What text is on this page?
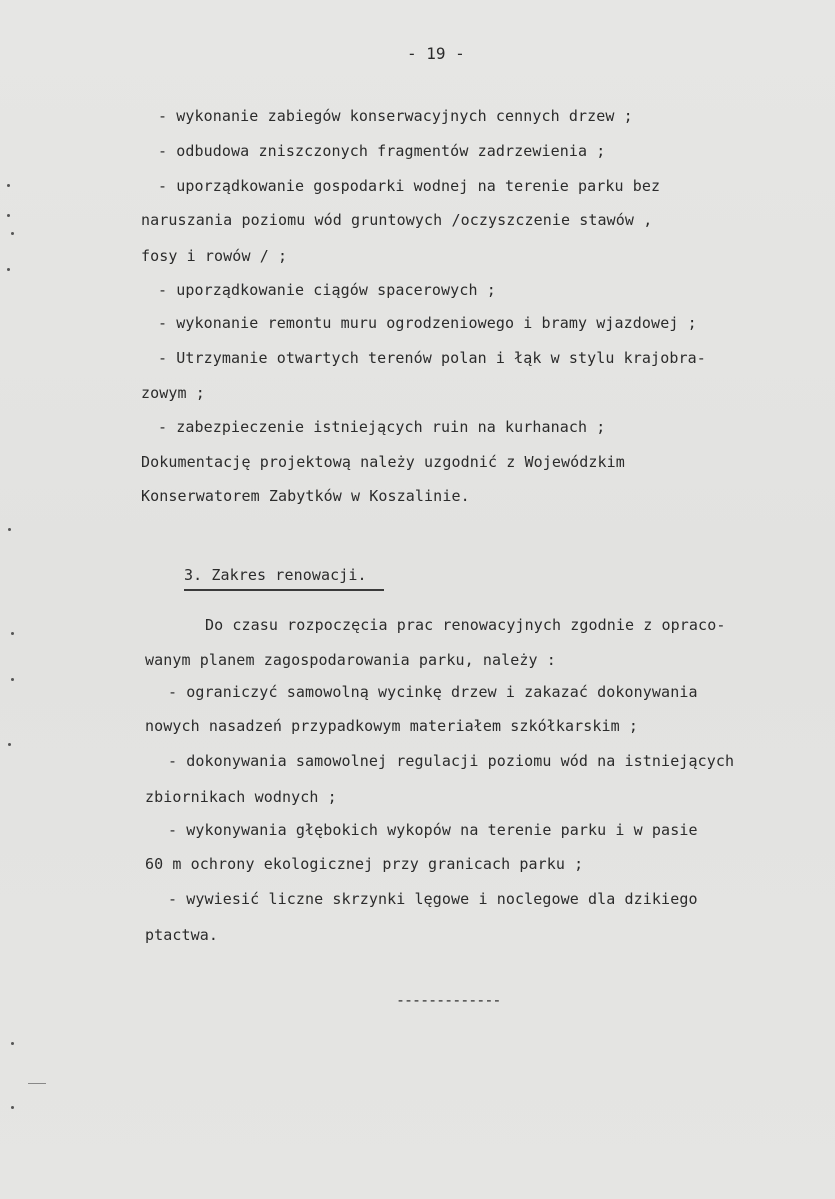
- 19 -
- wykonanie zabiegów konserwacyjnych cennych drzew ;
- odbudowa zniszczonych fragmentów zadrzewienia ;
- uporządkowanie gospodarki wodnej na terenie parku bez
naruszania poziomu wód gruntowych /oczyszczenie stawów ,
fosy i rowów / ;
- uporządkowanie ciągów spacerowych ;
- wykonanie remontu muru ogrodzeniowego i bramy wjazdowej ;
- Utrzymanie otwartych terenów polan i łąk w stylu krajobra-
zowym ;
- zabezpieczenie istniejących ruin na kurhanach ;
Dokumentację projektową należy uzgodnić z Wojewódzkim
Konserwatorem Zabytków w Koszalinie.
3. Zakres renowacji.
Do czasu rozpoczęcia prac renowacyjnych zgodnie z opraco-
wanym planem zagospodarowania parku, należy :
- ograniczyć samowolną wycinkę drzew i zakazać dokonywania
nowych nasadzeń przypadkowym materiałem szkółkarskim ;
- dokonywania samowolnej regulacji poziomu wód na istniejących
zbiornikach wodnych ;
- wykonywania głębokich wykopów na terenie parku i w pasie
60 m ochrony ekologicznej przy granicach parku ;
- wywiesić liczne skrzynki lęgowe i noclegowe dla dzikiego
ptactwa.
-------------
